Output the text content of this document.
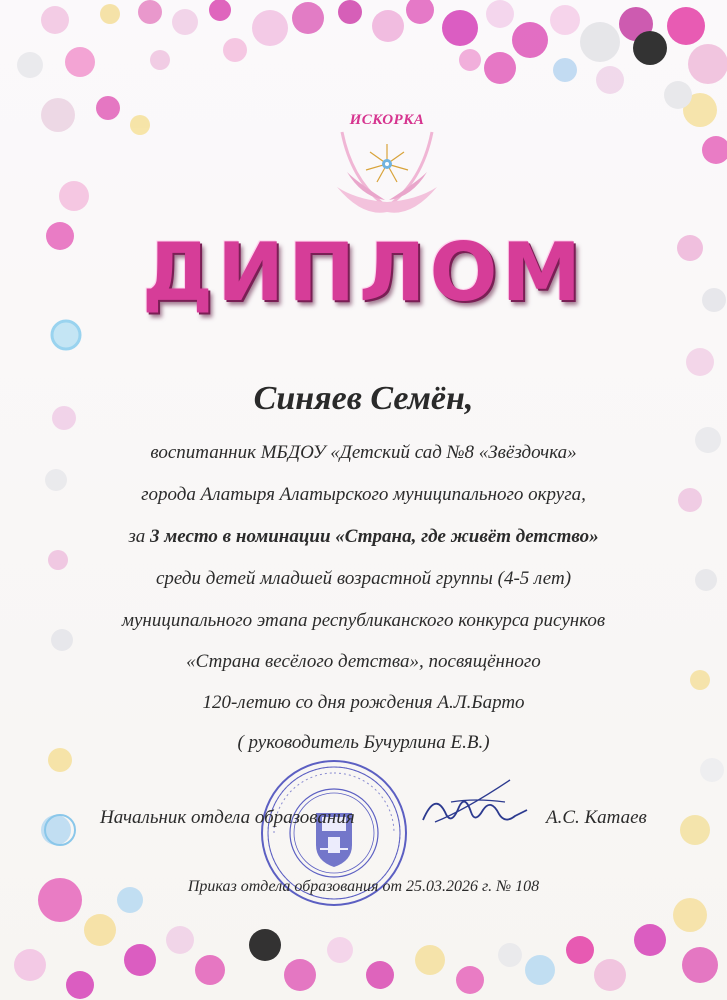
ИСКОРКА
ДИПЛОМ
Синяев Семён,
воспитанник МБДОУ «Детский сад №8 «Звёздочка»
города Алатыря Алатырского муниципального округа,
за 3 место в номинации «Страна, где живёт детство»
среди детей младшей возрастной группы (4-5 лет)
муниципального этапа республиканского конкурса рисунков
«Страна весёлого детства», посвящённого
120-летию со дня рождения А.Л.Барто
( руководитель Бучурлина Е.В.)
Начальник отдела образования	А.С. Катаев
Приказ отдела образования от 25.03.2026 г. № 108
